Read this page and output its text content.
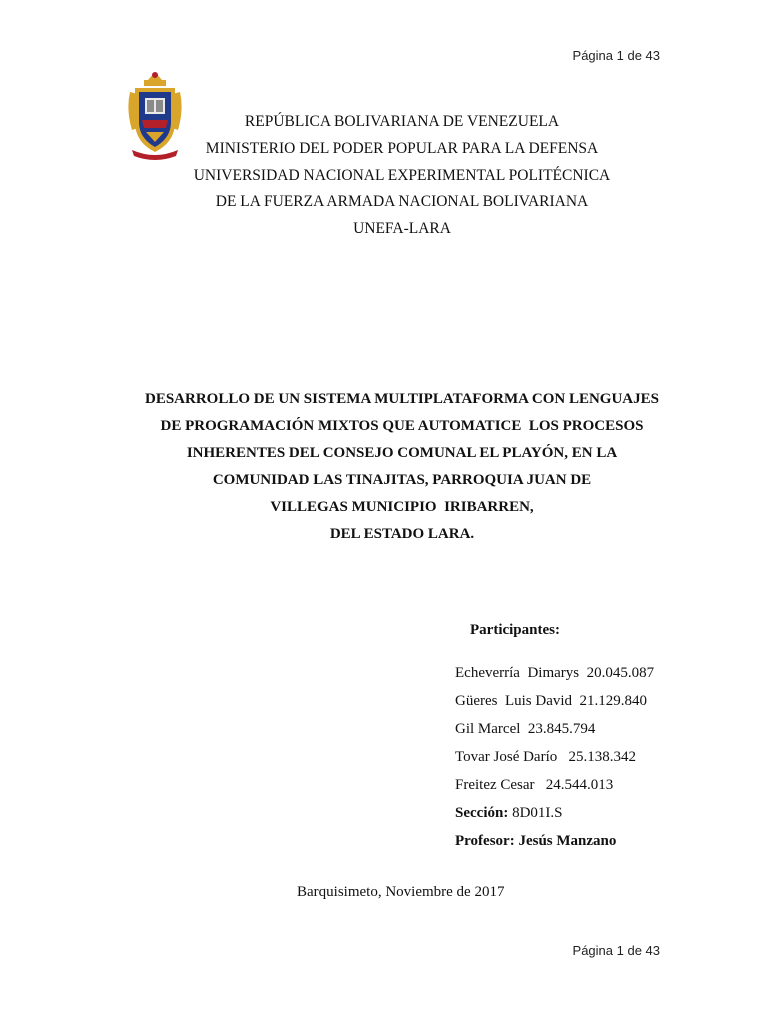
Página 1 de 43
REPÚBLICA BOLIVARIANA DE VENEZUELA
MINISTERIO DEL PODER POPULAR PARA LA DEFENSA
UNIVERSIDAD NACIONAL EXPERIMENTAL POLITÉCNICA
DE LA FUERZA ARMADA NACIONAL BOLIVARIANA
UNEFA-LARA
DESARROLLO DE UN SISTEMA MULTIPLATAFORMA CON LENGUAJES
DE PROGRAMACIÓN MIXTOS QUE AUTOMATICE  LOS PROCESOS
INHERENTES DEL CONSEJO COMUNAL EL PLAYÓN, EN LA
COMUNIDAD LAS TINAJITAS, PARROQUIA JUAN DE
VILLEGAS MUNICIPIO  IRIBARREN,
DEL ESTADO LARA.
Participantes:
Echeverría  Dimarys  20.045.087
Güeres  Luis David  21.129.840
Gil Marcel  23.845.794
Tovar José Darío   25.138.342
Freitez Cesar   24.544.013
Sección: 8D01I.S
Profesor: Jesús Manzano
Barquisimeto, Noviembre de 2017
Página 1 de 43
